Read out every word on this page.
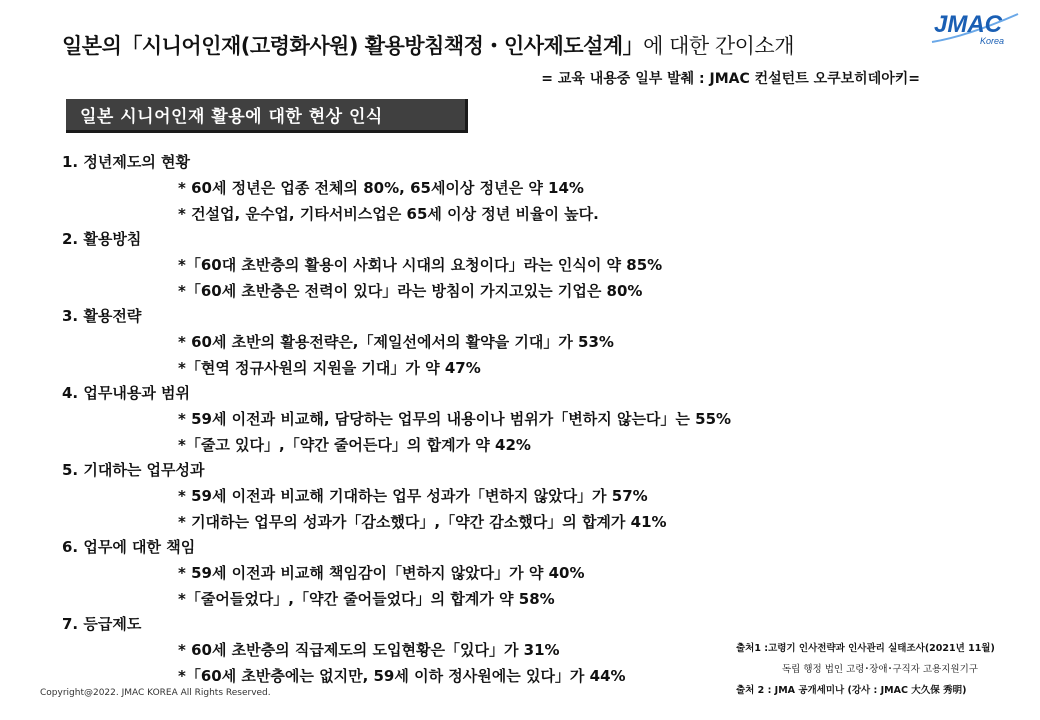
일본의「시니어인재(고령화사원) 활용방침책정・인사제도설계」에 대한 간이소개
= 교육 내용중 일부 발췌 : JMAC 컨설턴트 오쿠보히데아키=
JMAC
Korea
일본 시니어인재 활용에 대한 현상 인식
1. 정년제도의 현황
* 60세 정년은 업종 전체의 80%, 65세이상 정년은 약 14%
* 건설업, 운수업, 기타서비스업은 65세 이상 정년 비율이 높다.
2. 활용방침
*「60대 초반층의 활용이 사회나 시대의 요청이다」라는 인식이 약 85%
*「60세 초반층은 전력이 있다」라는 방침이 가지고있는 기업은 80%
3. 활용전략
* 60세 초반의 활용전략은,「제일선에서의 활약을 기대」가 53%
*「현역 정규사원의 지원을 기대」가 약 47%
4. 업무내용과 범위
* 59세 이전과 비교해, 담당하는 업무의 내용이나 범위가「변하지 않는다」는 55%
*「줄고 있다」,「약간 줄어든다」의 합계가 약 42%
5. 기대하는 업무성과
* 59세 이전과 비교해 기대하는 업무 성과가「변하지 않았다」가 57%
* 기대하는 업무의 성과가「감소했다」,「약간 감소했다」의 합계가 41%
6. 업무에 대한 책임
* 59세 이전과 비교해 책임감이「변하지 않았다」가 약 40%
*「줄어들었다」,「약간 줄어들었다」의 합계가 약 58%
7. 등급제도
* 60세 초반층의 직급제도의 도입현황은「있다」가 31%
*「60세 초반층에는 없지만, 59세 이하 정사원에는 있다」가 44%
출처1 :고령기 인사전략과 인사관리 실태조사(2021년 11월)
독립 행정 법인 고령･장애･구직자 고용지원기구
출처 2 : JMA 공개세미나 (강사 : JMAC 大久保 秀明)
Copyright@2022. JMAC KOREA All Rights Reserved.
